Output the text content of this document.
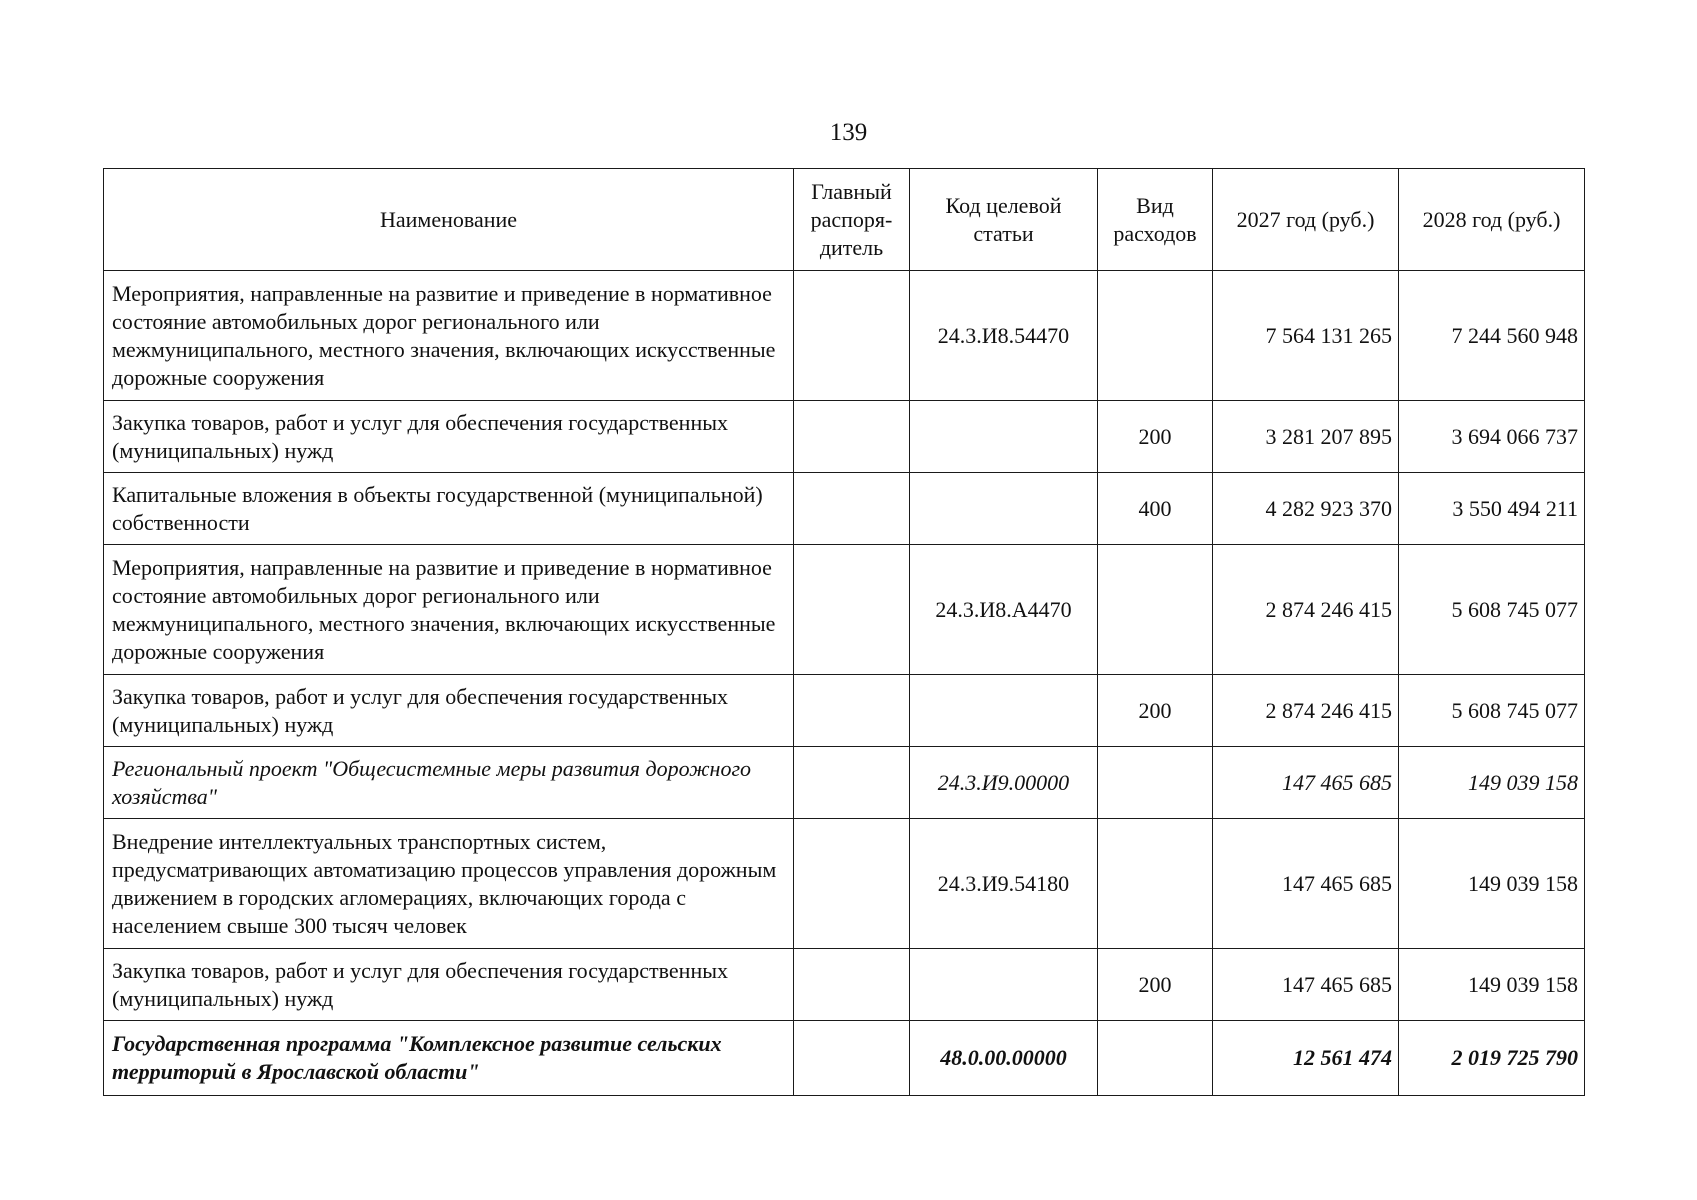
139
Наименование	Главный распоря-дитель	Код целевой статьи	Вид расходов	2027 год (руб.)	2028 год (руб.)
Мероприятия, направленные на развитие и приведение в нормативное состояние автомобильных дорог регионального или межмуниципального, местного значения, включающих искусственные дорожные сооружения		24.3.И8.54470		7 564 131 265	7 244 560 948
Закупка товаров, работ и услуг для обеспечения государственных (муниципальных) нужд			200	3 281 207 895	3 694 066 737
Капитальные вложения в объекты государственной (муниципальной) собственности			400	4 282 923 370	3 550 494 211
Мероприятия, направленные на развитие и приведение в нормативное состояние автомобильных дорог регионального или межмуниципального, местного значения, включающих искусственные дорожные сооружения		24.3.И8.А4470		2 874 246 415	5 608 745 077
Закупка товаров, работ и услуг для обеспечения государственных (муниципальных) нужд			200	2 874 246 415	5 608 745 077
Региональный проект "Общесистемные меры развития дорожного хозяйства"		24.3.И9.00000		147 465 685	149 039 158
Внедрение интеллектуальных транспортных систем, предусматривающих автоматизацию процессов управления дорожным движением в городских агломерациях, включающих города с населением свыше 300 тысяч человек		24.3.И9.54180		147 465 685	149 039 158
Закупка товаров, работ и услуг для обеспечения государственных (муниципальных) нужд			200	147 465 685	149 039 158
Государственная программа "Комплексное развитие сельских территорий в Ярославской области"		48.0.00.00000		12 561 474	2 019 725 790
